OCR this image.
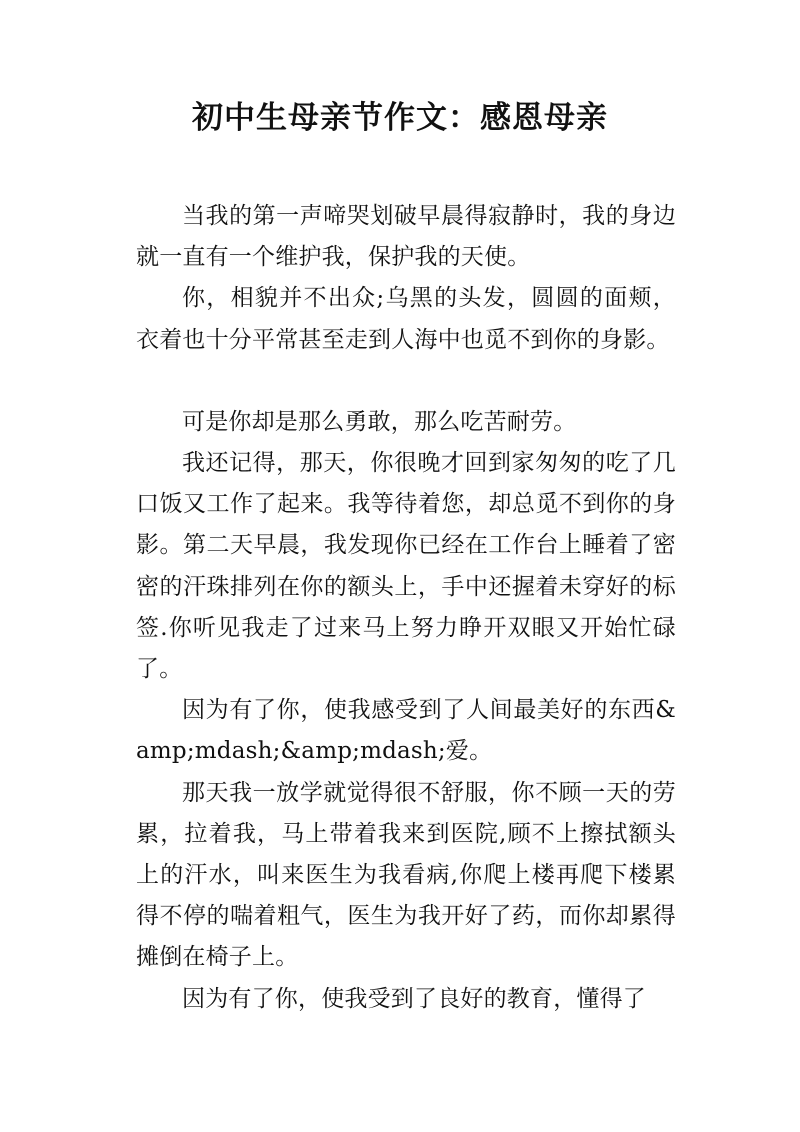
初中生母亲节作文：感恩母亲

当我的第一声啼哭划破早晨得寂静时，我的身边就一直有一个维护我，保护我的天使。

你，相貌并不出众;乌黑的头发，圆圆的面颊，衣着也十分平常甚至走到人海中也觅不到你的身影。

可是你却是那么勇敢，那么吃苦耐劳。

我还记得，那天，你很晚才回到家匆匆的吃了几口饭又工作了起来。我等待着您，却总觅不到你的身影。第二天早晨，我发现你已经在工作台上睡着了密密的汗珠排列在你的额头上，手中还握着未穿好的标签.你听见我走了过来马上努力睁开双眼又开始忙碌了。

因为有了你，使我感受到了人间最美好的东西&amp;mdash;&amp;mdash;爱。

那天我一放学就觉得很不舒服，你不顾一天的劳累，拉着我，马上带着我来到医院,顾不上擦拭额头上的汗水，叫来医生为我看病,你爬上楼再爬下楼累得不停的喘着粗气，医生为我开好了药，而你却累得摊倒在椅子上。

因为有了你，使我受到了良好的教育，懂得了
